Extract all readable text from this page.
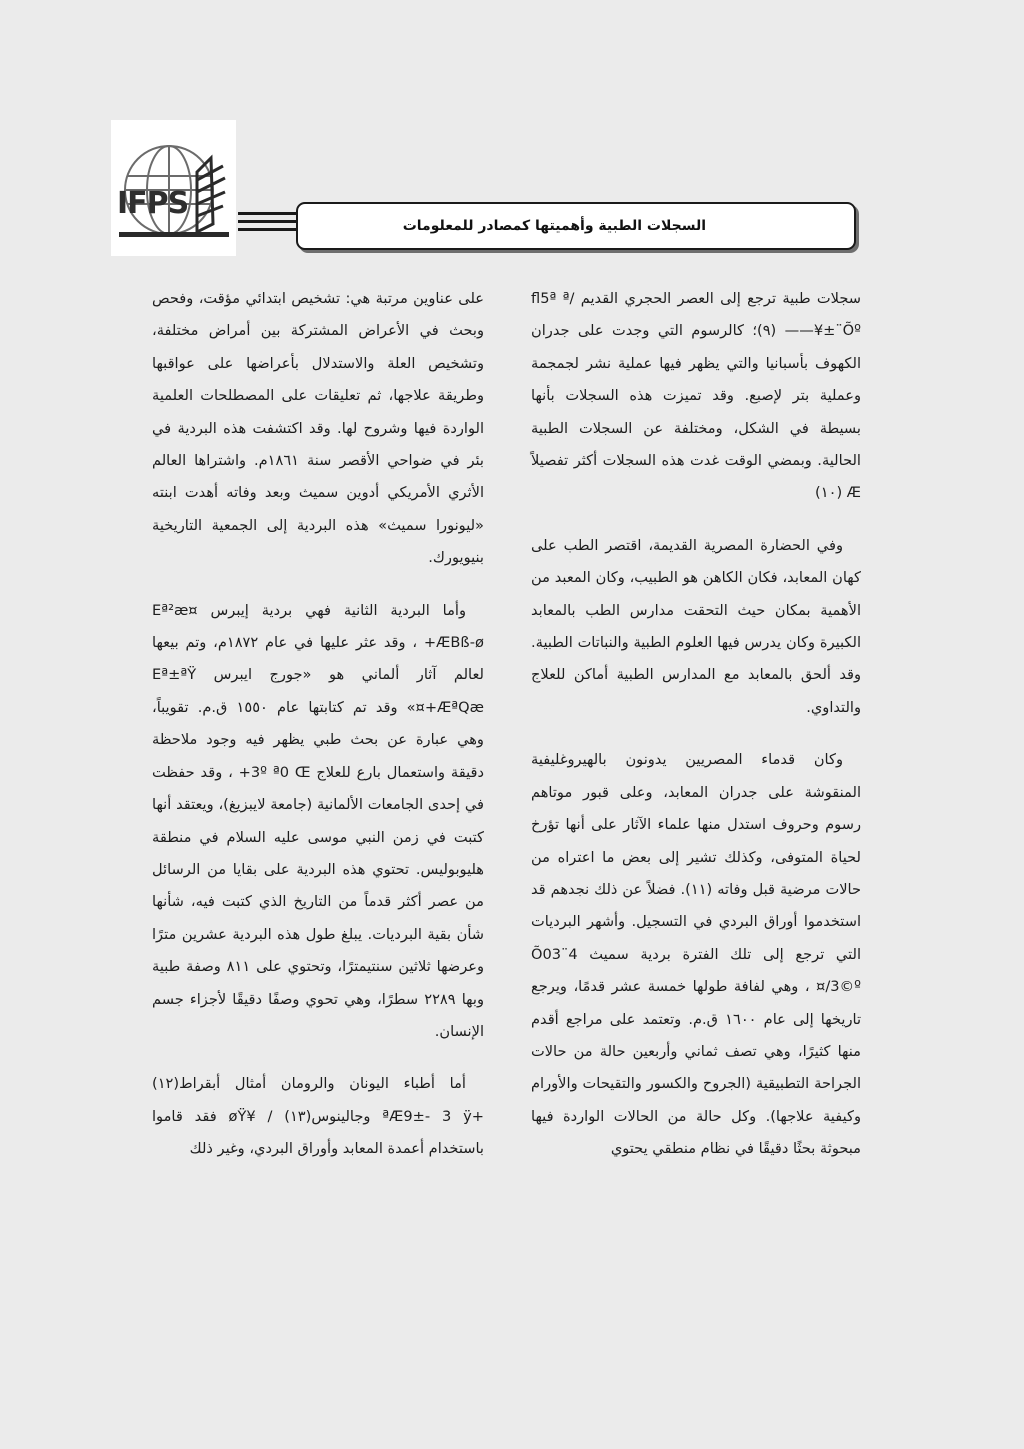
IFPS
السجلات الطبية وأهميتها كمصادر للمعلومات

سجلات طبية ترجع إلى العصر الحجري القديم fl5ª ª/±¨Õº¥—— (٩)؛ كالرسوم التي وجدت على جدران الكهوف بأسبانيا والتي يظهر فيها عملية نشر لجمجمة وعملية بتر لإصبع. وقد تميزت هذه السجلات بأنها بسيطة في الشكل، ومختلفة عن السجلات الطبية الحالية. وبمضي الوقت غدت هذه السجلات أكثر تفصيلاً Æ (١٠)

وفي الحضارة المصرية القديمة، اقتصر الطب على كهان المعابد، فكان الكاهن هو الطبيب، وكان المعبد من الأهمية بمكان حيث التحقت مدارس الطب بالمعابد الكبيرة وكان يدرس فيها العلوم الطبية والنباتات الطبية. وقد ألحق بالمعابد مع المدارس الطبية أماكن للعلاج والتداوي.

وكان قدماء المصريين يدونون بالهيروغليفية المنقوشة على جدران المعابد، وعلى قبور موتاهم رسوم وحروف استدل منها علماء الآثار على أنها تؤرخ لحياة المتوفى، وكذلك تشير إلى بعض ما اعتراه من حالات مرضية قبل وفاته (١١). فضلاً عن ذلك نجدهم قد استخدموا أوراق البردي في التسجيل. وأشهر البرديات التي ترجع إلى تلك الفترة بردية سميث Õ03¨4 /3©º¤ ، وهي لفافة طولها خمسة عشر قدمًا، ويرجع تاريخها إلى عام ١٦٠٠ ق.م. وتعتمد على مراجع أقدم منها كثيرًا، وهي تصف ثماني وأربعين حالة من حالات الجراحة التطبيقية (الجروح والكسور والتقيحات والأورام وكيفية علاجها). وكل حالة من الحالات الواردة فيها مبحوثة بحثًا دقيقًا في نظام منطقي يحتوي

على عناوين مرتبة هي: تشخيص ابتدائي مؤقت، وفحص وبحث في الأعراض المشتركة بين أمراض مختلفة، وتشخيص العلة والاستدلال بأعراضها على عواقبها وطريقة علاجها، ثم تعليقات على المصطلحات العلمية الواردة فيها وشروح لها. وقد اكتشفت هذه البردية في بئر في ضواحي الأقصر سنة ١٨٦١م. واشتراها العالم الأثري الأمريكي أدوين سميث وبعد وفاته أهدت ابنته «ليونورا سميث» هذه البردية إلى الجمعية التاريخية بنيويورك.

وأما البردية الثانية فهي بردية إيبرس Eª²æ¤ +ÆBß-ø ، وقد عثر عليها في عام ١٨٧٢م، وتم بيعها لعالم آثار ألماني هو «جورج ايبرس Eª±ªŸ +ÆªQæ¤» وقد تم كتابتها عام ١٥٥٠ ق.م. تقويباً، وهي عبارة عن بحث طبي يظهر فيه وجود ملاحظة دقيقة واستعمال بارع للعلاج 3º ª0 Œ+ ، وقد حفظت في إحدى الجامعات الألمانية (جامعة لايبزيغ)، ويعتقد أنها كتبت في زمن النبي موسى عليه السلام في منطقة هليوبوليس. تحتوي هذه البردية على بقايا من الرسائل من عصر أكثر قدماً من التاريخ الذي كتبت فيه، شأنها شأن بقية البرديات. يبلغ طول هذه البردية عشرين مترًا وعرضها ثلاثين سنتيمترًا، وتحتوي على ٨١١ وصفة طبية وبها ٢٢٨٩ سطرًا، وهي تحوي وصفًا دقيقًا لأجزاء جسم الإنسان.

أما أطباء اليونان والرومان أمثال أبقراط(١٢) +ªÆ9±- 3 ÿ وجالينوس(١٣) / ¥øŸ فقد قاموا باستخدام أعمدة المعابد وأوراق البردي، وغير ذلك
